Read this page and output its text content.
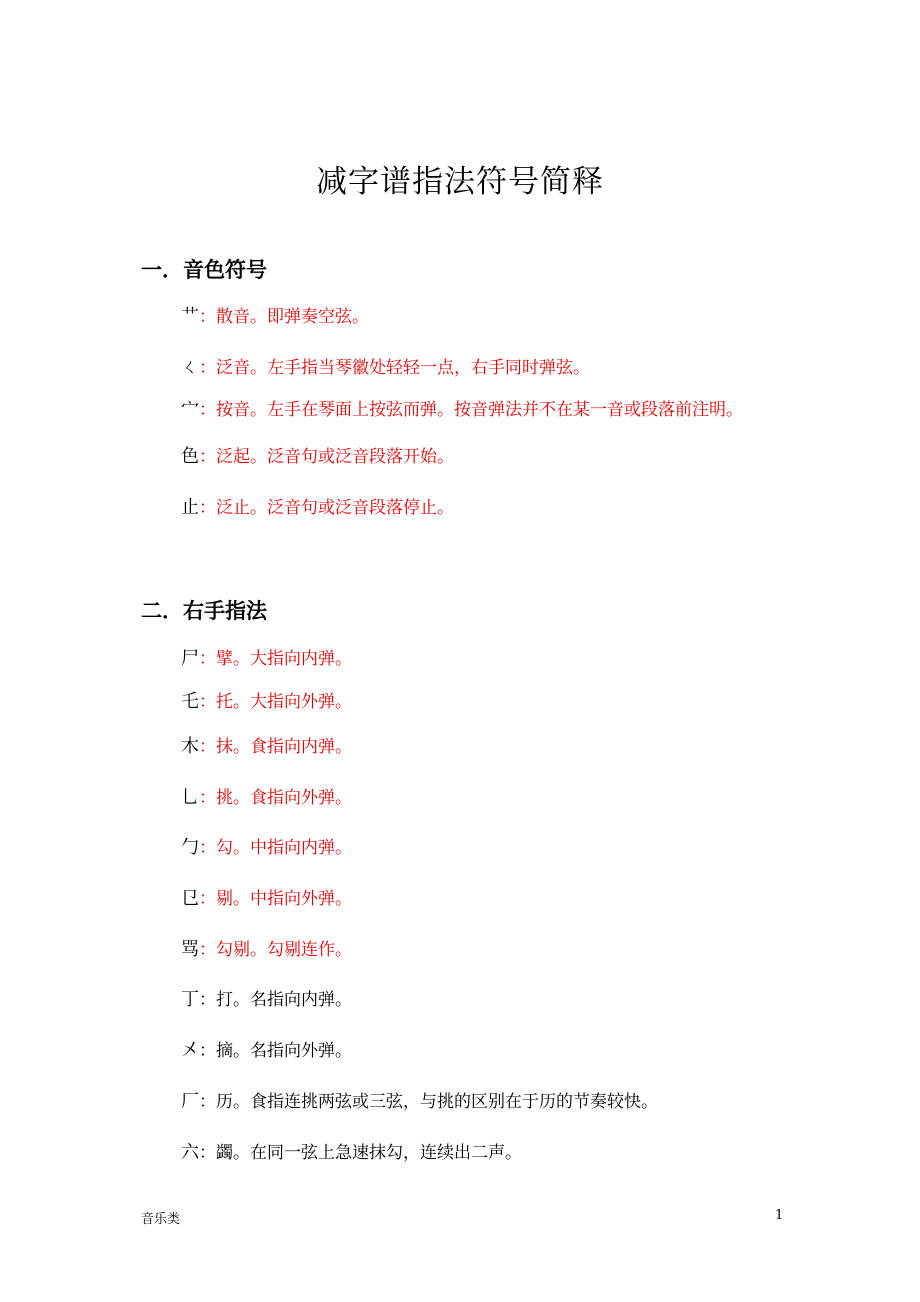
减字谱指法符号简释
一．音色符号
艹：散音。即弹奏空弦。
ㄑ：泛音。左手指当琴徽处轻轻一点，右手同时弹弦。
宀：按音。左手在琴面上按弦而弹。按音弹法并不在某一音或段落前注明。
色：泛起。泛音句或泛音段落开始。
止：泛止。泛音句或泛音段落停止。
二．右手指法
尸：擘。大指向内弹。
乇：托。大指向外弹。
木：抹。食指向内弹。
乚：挑。食指向外弹。
勹：勾。中指向内弹。
㔾：剔。中指向外弹。
骂：勾剔。勾剔连作。
丁：打。名指向内弹。
㐅：摘。名指向外弹。
厂：历。食指连挑两弦或三弦，与挑的区别在于历的节奏较快。
六：蠲。在同一弦上急速抹勾，连续出二声。
音乐类	1
